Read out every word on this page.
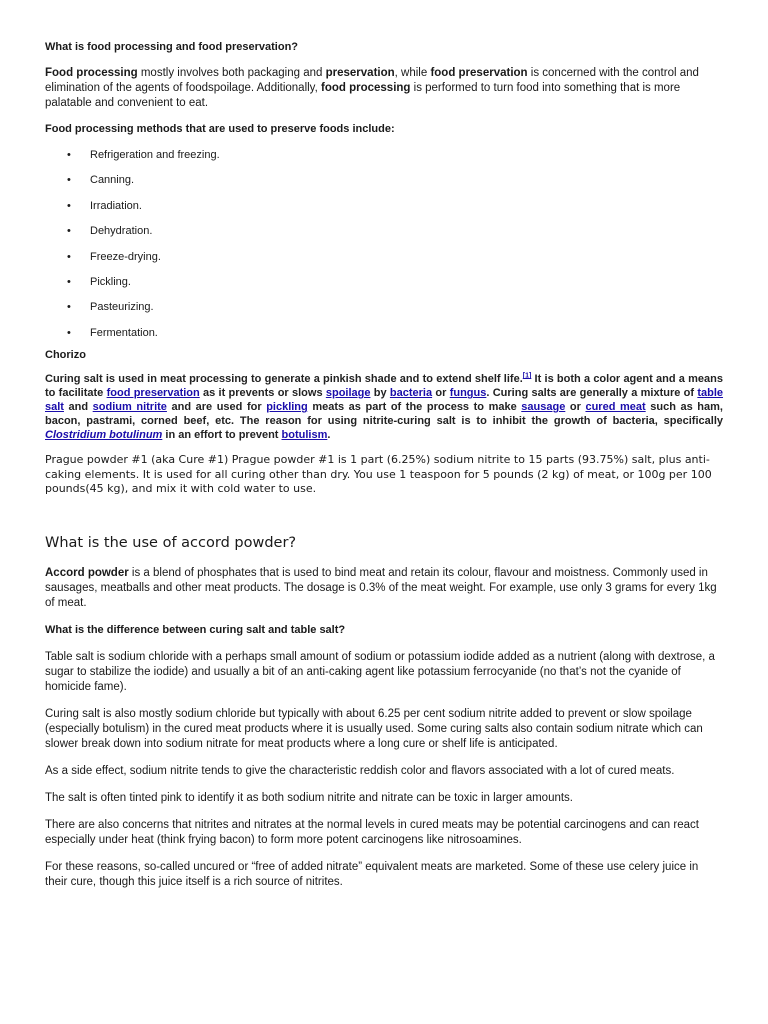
What is food processing and food preservation?

Food processing mostly involves both packaging and preservation, while food preservation is concerned with the control and elimination of the agents of foodspoilage. Additionally, food processing is performed to turn food into something that is more palatable and convenient to eat.

Food processing methods that are used to preserve foods include:

• Refrigeration and freezing.
• Canning.
• Irradiation.
• Dehydration.
• Freeze-drying.
• Pickling.
• Pasteurizing.
• Fermentation.

Chorizo

Curing salt is used in meat processing to generate a pinkish shade and to extend shelf life.[1] It is both a color agent and a means to facilitate food preservation as it prevents or slows spoilage by bacteria or fungus. Curing salts are generally a mixture of table salt and sodium nitrite and are used for pickling meats as part of the process to make sausage or cured meat such as ham, bacon, pastrami, corned beef, etc. The reason for using nitrite-curing salt is to inhibit the growth of bacteria, specifically Clostridium botulinum in an effort to prevent botulism.

Prague powder #1 (aka Cure #1) Prague powder #1 is 1 part (6.25%) sodium nitrite to 15 parts (93.75%) salt, plus anti-caking elements. It is used for all curing other than dry. You use 1 teaspoon for 5 pounds (2 kg) of meat, or 100g per 100 pounds(45 kg), and mix it with cold water to use.

What is the use of accord powder?

Accord powder is a blend of phosphates that is used to bind meat and retain its colour, flavour and moistness. Commonly used in sausages, meatballs and other meat products. The dosage is 0.3% of the meat weight. For example, use only 3 grams for every 1kg of meat.

What is the difference between curing salt and table salt?

Table salt is sodium chloride with a perhaps small amount of sodium or potassium iodide added as a nutrient (along with dextrose, a sugar to stabilize the iodide) and usually a bit of an anti-caking agent like potassium ferrocyanide (no that’s not the cyanide of homicide fame).

Curing salt is also mostly sodium chloride but typically with about 6.25 per cent sodium nitrite added to prevent or slow spoilage (especially botulism) in the cured meat products where it is usually used. Some curing salts also contain sodium nitrate which can slower break down into sodium nitrate for meat products where a long cure or shelf life is anticipated.

As a side effect, sodium nitrite tends to give the characteristic reddish color and flavors associated with a lot of cured meats.

The salt is often tinted pink to identify it as both sodium nitrite and nitrate can be toxic in larger amounts.

There are also concerns that nitrites and nitrates at the normal levels in cured meats may be potential carcinogens and can react especially under heat (think frying bacon) to form more potent carcinogens like nitrosoamines.

For these reasons, so-called uncured or “free of added nitrate” equivalent meats are marketed. Some of these use celery juice in their cure, though this juice itself is a rich source of nitrites.
